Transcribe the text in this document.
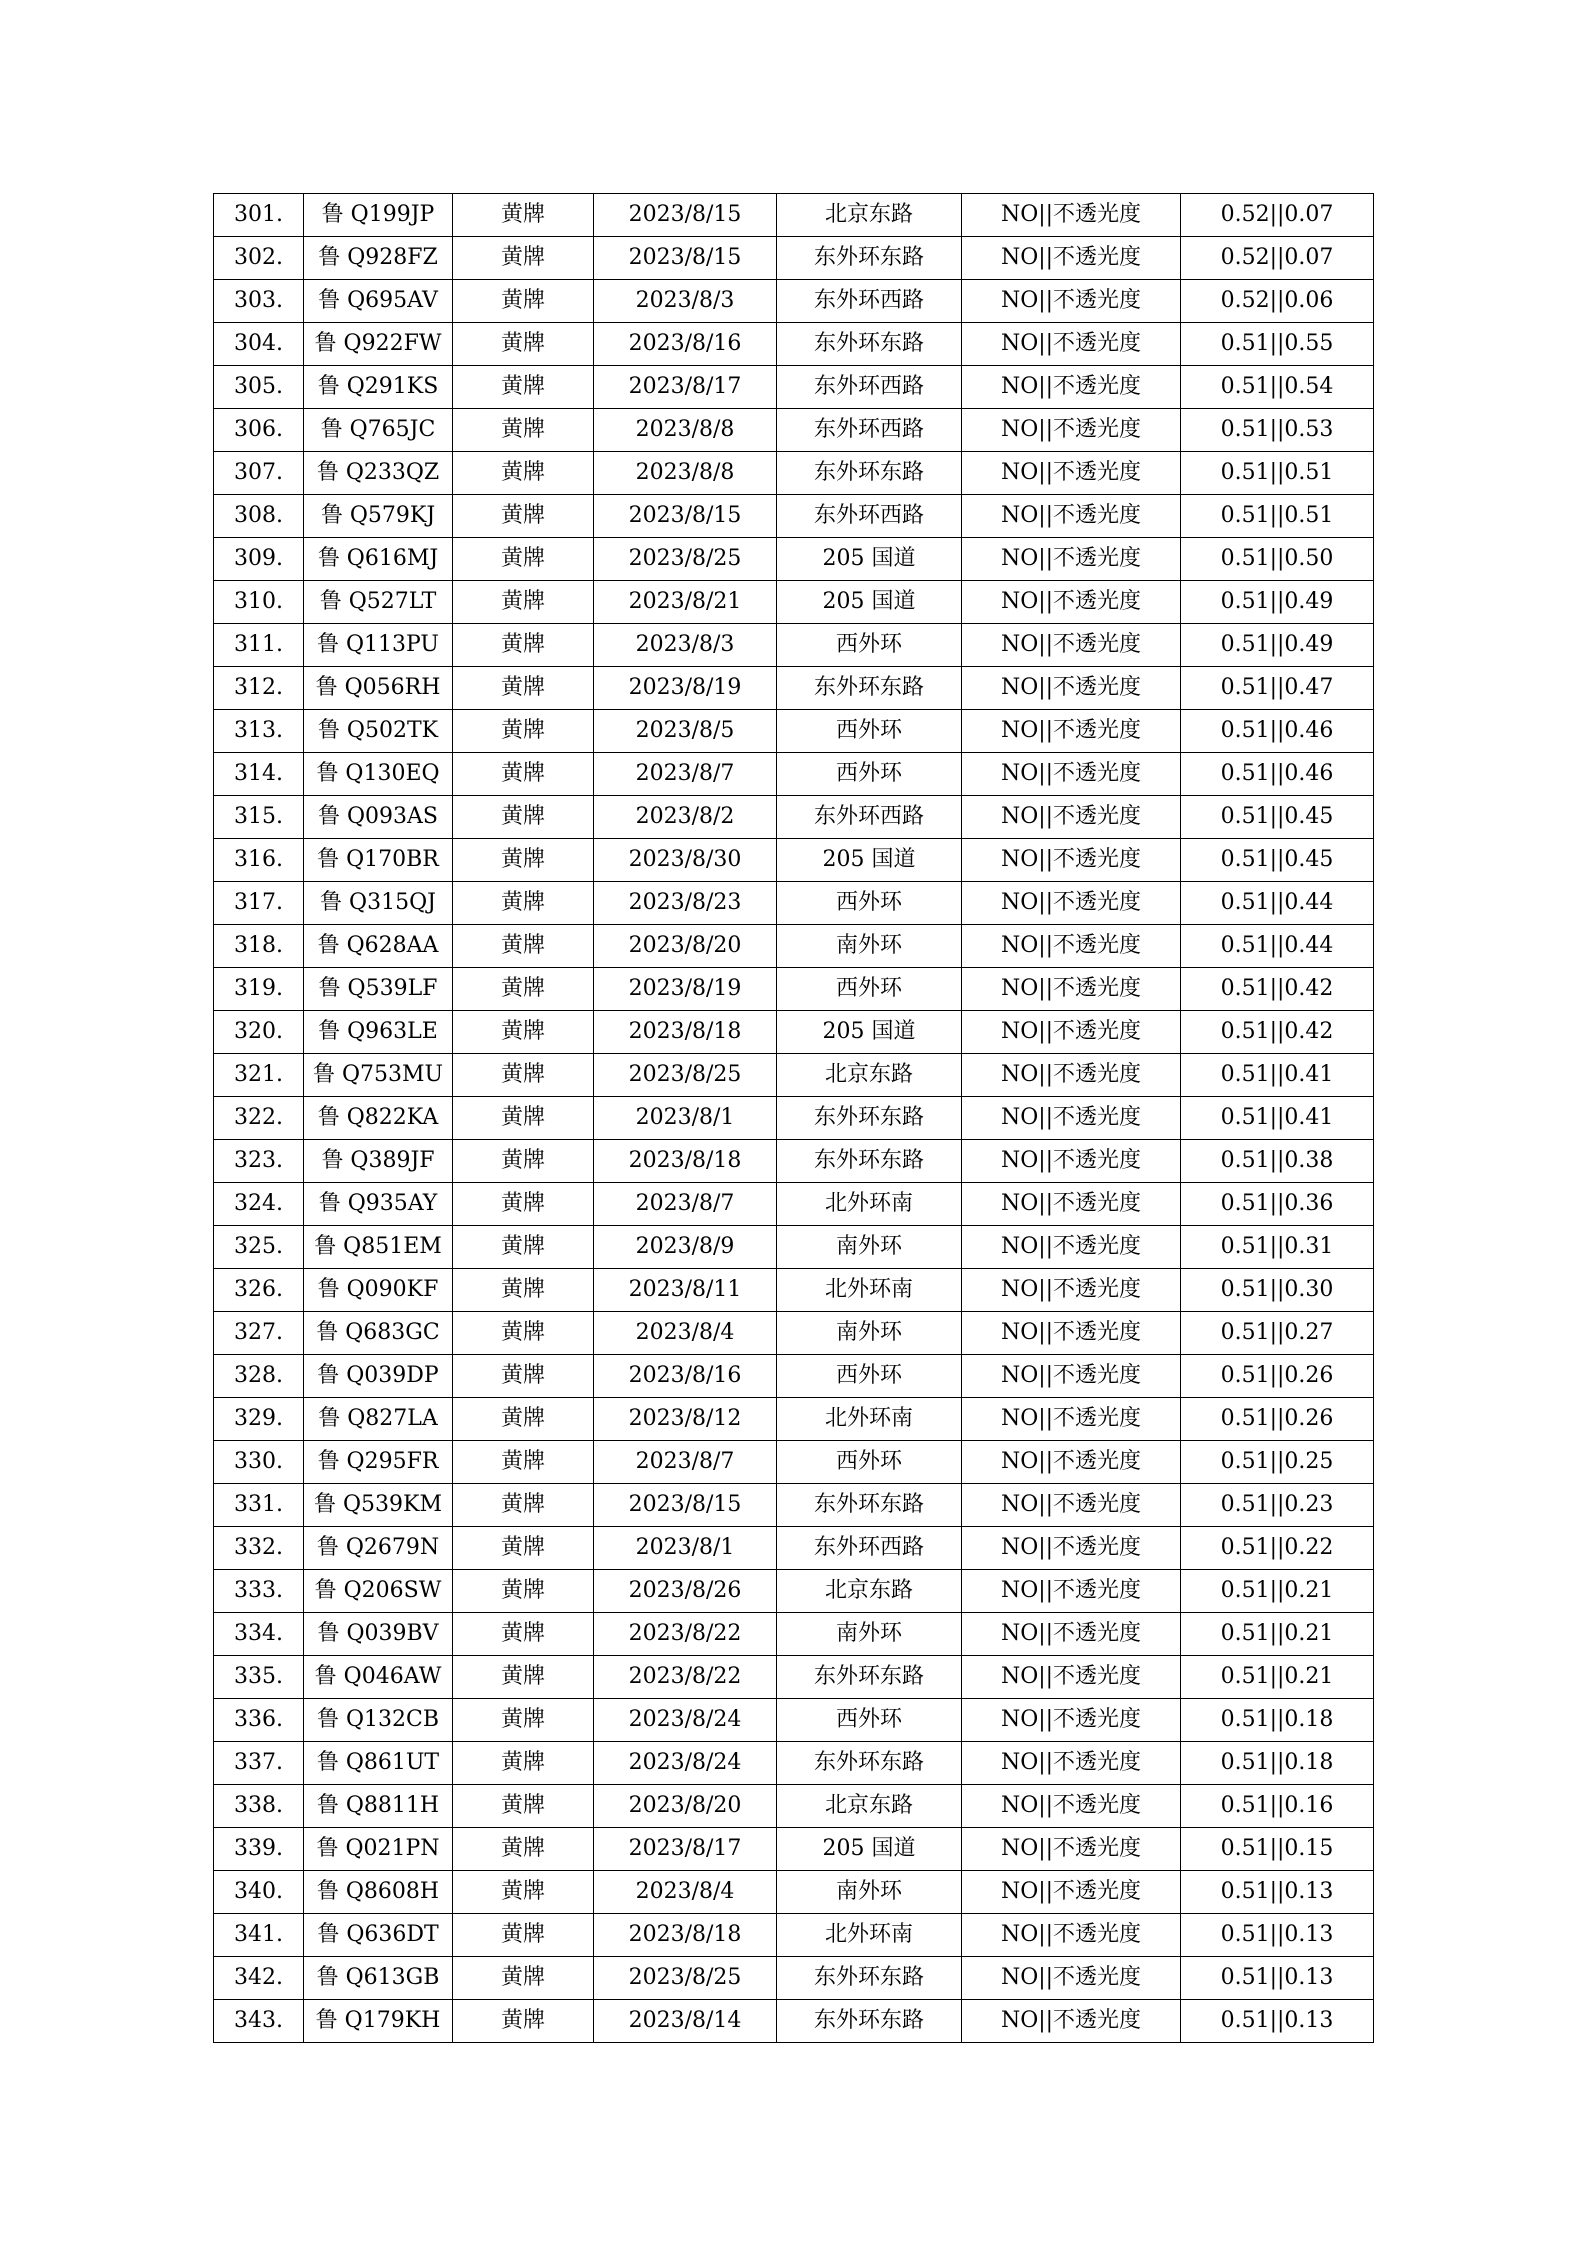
301.	鲁 Q199JP	黄牌	2023/8/15	北京东路	NO||不透光度	0.52||0.07
302.	鲁 Q928FZ	黄牌	2023/8/15	东外环东路	NO||不透光度	0.52||0.07
303.	鲁 Q695AV	黄牌	2023/8/3	东外环西路	NO||不透光度	0.52||0.06
304.	鲁 Q922FW	黄牌	2023/8/16	东外环东路	NO||不透光度	0.51||0.55
305.	鲁 Q291KS	黄牌	2023/8/17	东外环西路	NO||不透光度	0.51||0.54
306.	鲁 Q765JC	黄牌	2023/8/8	东外环西路	NO||不透光度	0.51||0.53
307.	鲁 Q233QZ	黄牌	2023/8/8	东外环东路	NO||不透光度	0.51||0.51
308.	鲁 Q579KJ	黄牌	2023/8/15	东外环西路	NO||不透光度	0.51||0.51
309.	鲁 Q616MJ	黄牌	2023/8/25	205 国道	NO||不透光度	0.51||0.50
310.	鲁 Q527LT	黄牌	2023/8/21	205 国道	NO||不透光度	0.51||0.49
311.	鲁 Q113PU	黄牌	2023/8/3	西外环	NO||不透光度	0.51||0.49
312.	鲁 Q056RH	黄牌	2023/8/19	东外环东路	NO||不透光度	0.51||0.47
313.	鲁 Q502TK	黄牌	2023/8/5	西外环	NO||不透光度	0.51||0.46
314.	鲁 Q130EQ	黄牌	2023/8/7	西外环	NO||不透光度	0.51||0.46
315.	鲁 Q093AS	黄牌	2023/8/2	东外环西路	NO||不透光度	0.51||0.45
316.	鲁 Q170BR	黄牌	2023/8/30	205 国道	NO||不透光度	0.51||0.45
317.	鲁 Q315QJ	黄牌	2023/8/23	西外环	NO||不透光度	0.51||0.44
318.	鲁 Q628AA	黄牌	2023/8/20	南外环	NO||不透光度	0.51||0.44
319.	鲁 Q539LF	黄牌	2023/8/19	西外环	NO||不透光度	0.51||0.42
320.	鲁 Q963LE	黄牌	2023/8/18	205 国道	NO||不透光度	0.51||0.42
321.	鲁 Q753MU	黄牌	2023/8/25	北京东路	NO||不透光度	0.51||0.41
322.	鲁 Q822KA	黄牌	2023/8/1	东外环东路	NO||不透光度	0.51||0.41
323.	鲁 Q389JF	黄牌	2023/8/18	东外环东路	NO||不透光度	0.51||0.38
324.	鲁 Q935AY	黄牌	2023/8/7	北外环南	NO||不透光度	0.51||0.36
325.	鲁 Q851EM	黄牌	2023/8/9	南外环	NO||不透光度	0.51||0.31
326.	鲁 Q090KF	黄牌	2023/8/11	北外环南	NO||不透光度	0.51||0.30
327.	鲁 Q683GC	黄牌	2023/8/4	南外环	NO||不透光度	0.51||0.27
328.	鲁 Q039DP	黄牌	2023/8/16	西外环	NO||不透光度	0.51||0.26
329.	鲁 Q827LA	黄牌	2023/8/12	北外环南	NO||不透光度	0.51||0.26
330.	鲁 Q295FR	黄牌	2023/8/7	西外环	NO||不透光度	0.51||0.25
331.	鲁 Q539KM	黄牌	2023/8/15	东外环东路	NO||不透光度	0.51||0.23
332.	鲁 Q2679N	黄牌	2023/8/1	东外环西路	NO||不透光度	0.51||0.22
333.	鲁 Q206SW	黄牌	2023/8/26	北京东路	NO||不透光度	0.51||0.21
334.	鲁 Q039BV	黄牌	2023/8/22	南外环	NO||不透光度	0.51||0.21
335.	鲁 Q046AW	黄牌	2023/8/22	东外环东路	NO||不透光度	0.51||0.21
336.	鲁 Q132CB	黄牌	2023/8/24	西外环	NO||不透光度	0.51||0.18
337.	鲁 Q861UT	黄牌	2023/8/24	东外环东路	NO||不透光度	0.51||0.18
338.	鲁 Q8811H	黄牌	2023/8/20	北京东路	NO||不透光度	0.51||0.16
339.	鲁 Q021PN	黄牌	2023/8/17	205 国道	NO||不透光度	0.51||0.15
340.	鲁 Q8608H	黄牌	2023/8/4	南外环	NO||不透光度	0.51||0.13
341.	鲁 Q636DT	黄牌	2023/8/18	北外环南	NO||不透光度	0.51||0.13
342.	鲁 Q613GB	黄牌	2023/8/25	东外环东路	NO||不透光度	0.51||0.13
343.	鲁 Q179KH	黄牌	2023/8/14	东外环东路	NO||不透光度	0.51||0.13
